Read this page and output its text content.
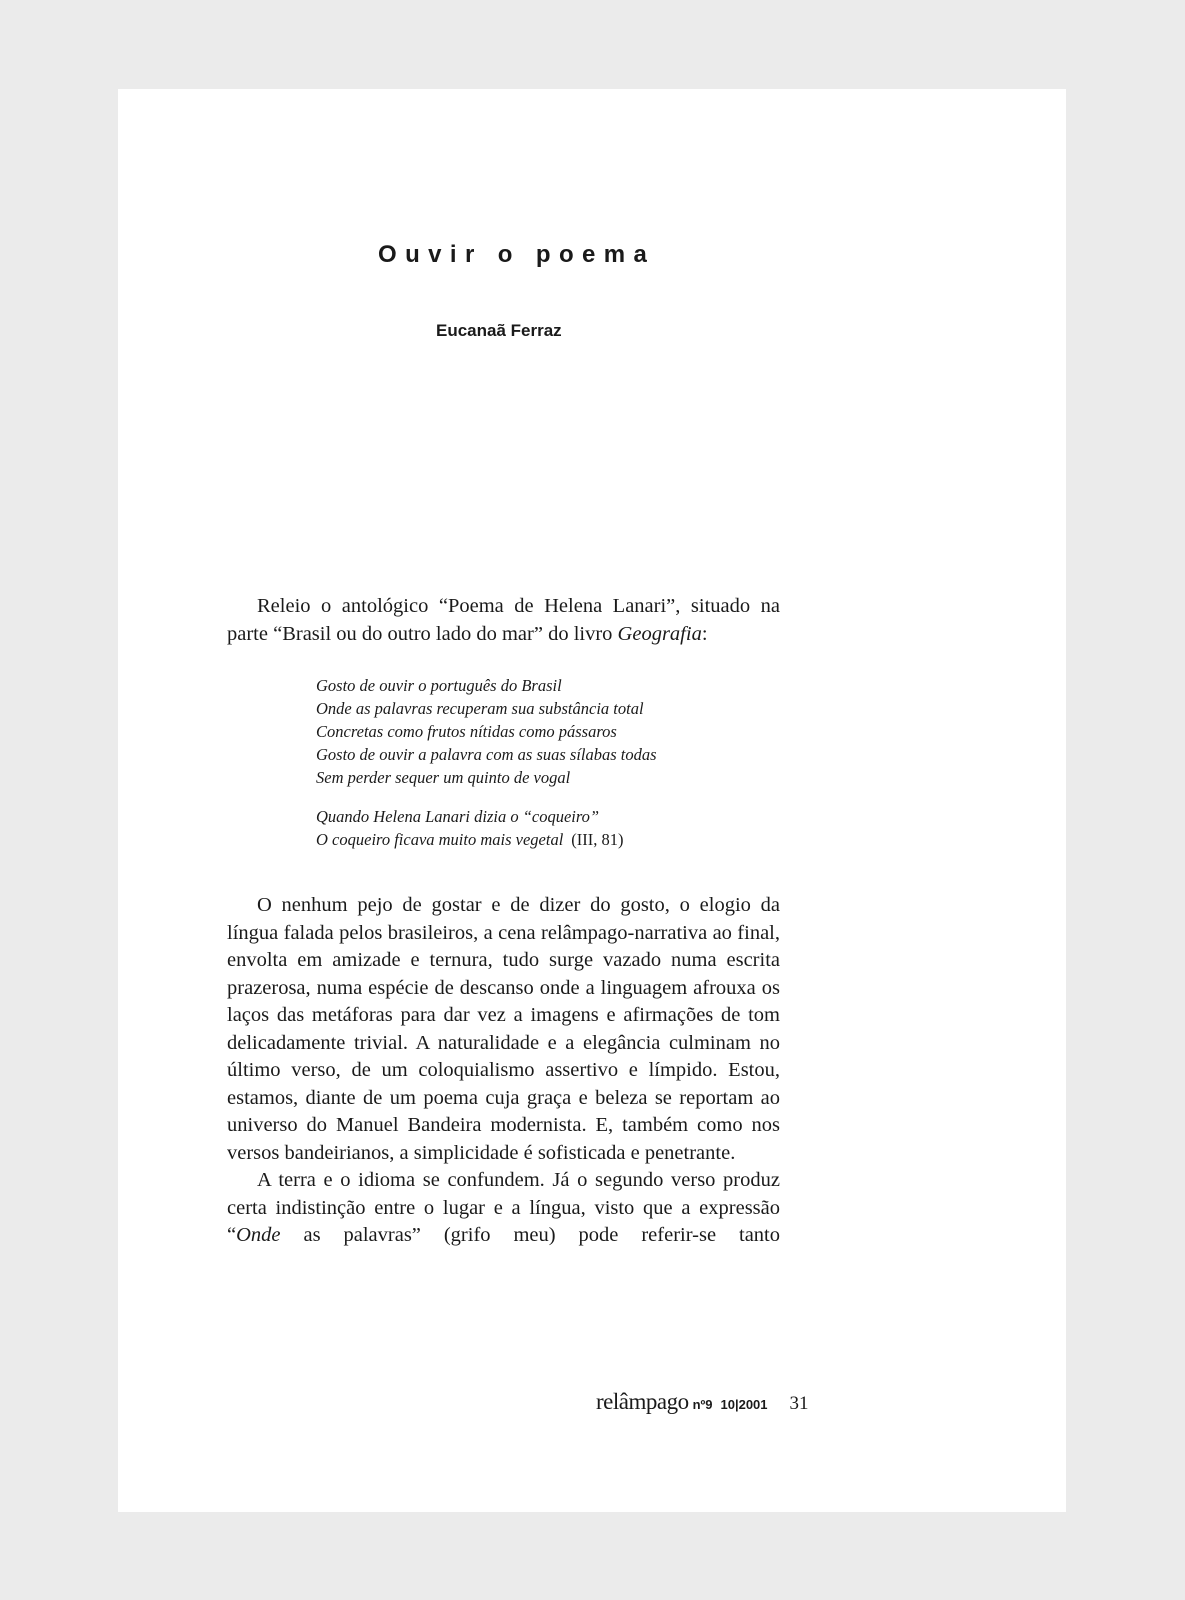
Ouvir o poema
Eucanaã Ferraz

Releio o antológico “Poema de Helena Lanari”, situado na parte “Brasil ou do outro lado do mar” do livro Geografia:

Gosto de ouvir o português do Brasil
Onde as palavras recuperam sua substância total
Concretas como frutos nítidas como pássaros
Gosto de ouvir a palavra com as suas sílabas todas
Sem perder sequer um quinto de vogal
Quando Helena Lanari dizia o “coqueiro”
O coqueiro ficava muito mais vegetal (III, 81)

O nenhum pejo de gostar e de dizer do gosto, o elogio da língua falada pelos brasileiros, a cena relâmpago-narrativa ao final, envolta em amizade e ternura, tudo surge vazado numa escrita prazerosa, numa espécie de descanso onde a linguagem afrouxa os laços das metáforas para dar vez a imagens e afirmações de tom delicadamente trivial. A naturalidade e a elegância culminam no último verso, de um coloquialismo assertivo e límpido. Estou, estamos, diante de um poema cuja graça e beleza se reportam ao universo do Manuel Bandeira modernista. E, também como nos versos bandeirianos, a simplicidade é sofisticada e penetrante.

A terra e o idioma se confundem. Já o segundo verso produz certa indistinção entre o lugar e a língua, visto que a expressão “Onde as palavras” (grifo meu) pode referir-se tanto

relâmpago nº9 10|2001 31
